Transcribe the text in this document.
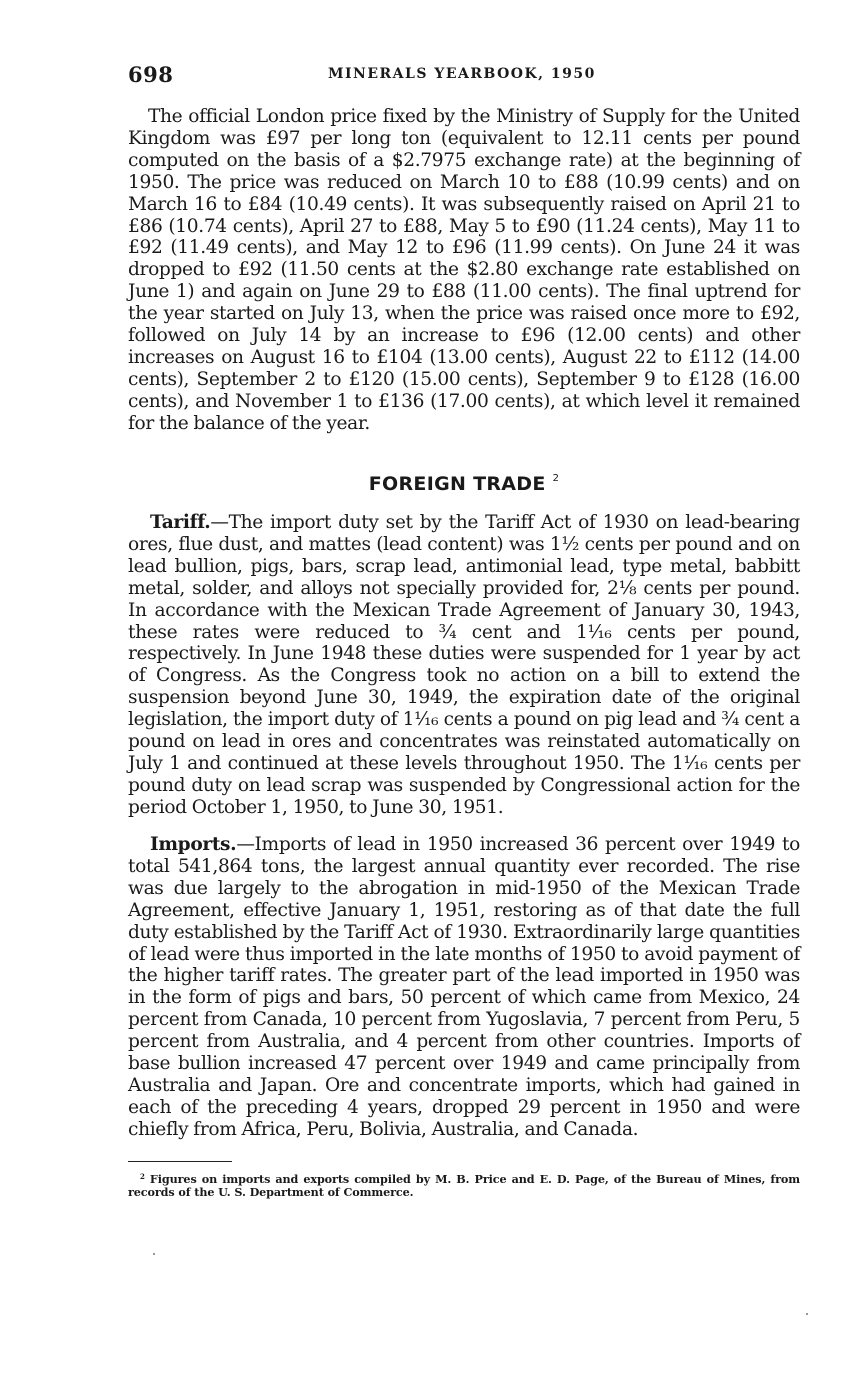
698	MINERALS YEARBOOK, 1950

The official London price fixed by the Ministry of Supply for the United Kingdom was £97 per long ton (equivalent to 12.11 cents per pound computed on the basis of a $2.7975 exchange rate) at the beginning of 1950. The price was reduced on March 10 to £88 (10.99 cents) and on March 16 to £84 (10.49 cents). It was subsequently raised on April 21 to £86 (10.74 cents), April 27 to £88, May 5 to £90 (11.24 cents), May 11 to £92 (11.49 cents), and May 12 to £96 (11.99 cents). On June 24 it was dropped to £92 (11.50 cents at the $2.80 exchange rate established on June 1) and again on June 29 to £88 (11.00 cents). The final uptrend for the year started on July 13, when the price was raised once more to £92, followed on July 14 by an increase to £96 (12.00 cents) and other increases on August 16 to £104 (13.00 cents), August 22 to £112 (14.00 cents), September 2 to £120 (15.00 cents), September 9 to £128 (16.00 cents), and November 1 to £136 (17.00 cents), at which level it remained for the balance of the year.

FOREIGN TRADE $^2$

Tariff.—The import duty set by the Tariff Act of 1930 on lead-bearing ores, flue dust, and mattes (lead content) was 1½ cents per pound and on lead bullion, pigs, bars, scrap lead, antimonial lead, type metal, babbitt metal, solder, and alloys not specially provided for, 2⅛ cents per pound. In accordance with the Mexican Trade Agreement of January 30, 1943, these rates were reduced to ¾ cent and 1¹⁄₁₆ cents per pound, respectively. In June 1948 these duties were suspended for 1 year by act of Congress. As the Congress took no action on a bill to extend the suspension beyond June 30, 1949, the expiration date of the original legislation, the import duty of 1¹⁄₁₆ cents a pound on pig lead and ¾ cent a pound on lead in ores and concentrates was reinstated automatically on July 1 and continued at these levels throughout 1950. The 1¹⁄₁₆ cents per pound duty on lead scrap was suspended by Congressional action for the period October 1, 1950, to June 30, 1951.

Imports.—Imports of lead in 1950 increased 36 percent over 1949 to total 541,864 tons, the largest annual quantity ever recorded. The rise was due largely to the abrogation in mid-1950 of the Mexican Trade Agreement, effective January 1, 1951, restoring as of that date the full duty established by the Tariff Act of 1930. Extraordinarily large quantities of lead were thus imported in the late months of 1950 to avoid payment of the higher tariff rates. The greater part of the lead imported in 1950 was in the form of pigs and bars, 50 percent of which came from Mexico, 24 percent from Canada, 10 percent from Yugoslavia, 7 percent from Peru, 5 percent from Australia, and 4 percent from other countries. Imports of base bullion increased 47 percent over 1949 and came principally from Australia and Japan. Ore and concentrate imports, which had gained in each of the preceding 4 years, dropped 29 percent in 1950 and were chiefly from Africa, Peru, Bolivia, Australia, and Canada.

$^2$ Figures on imports and exports compiled by M. B. Price and E. D. Page, of the Bureau of Mines, from records of the U. S. Department of Commerce.
